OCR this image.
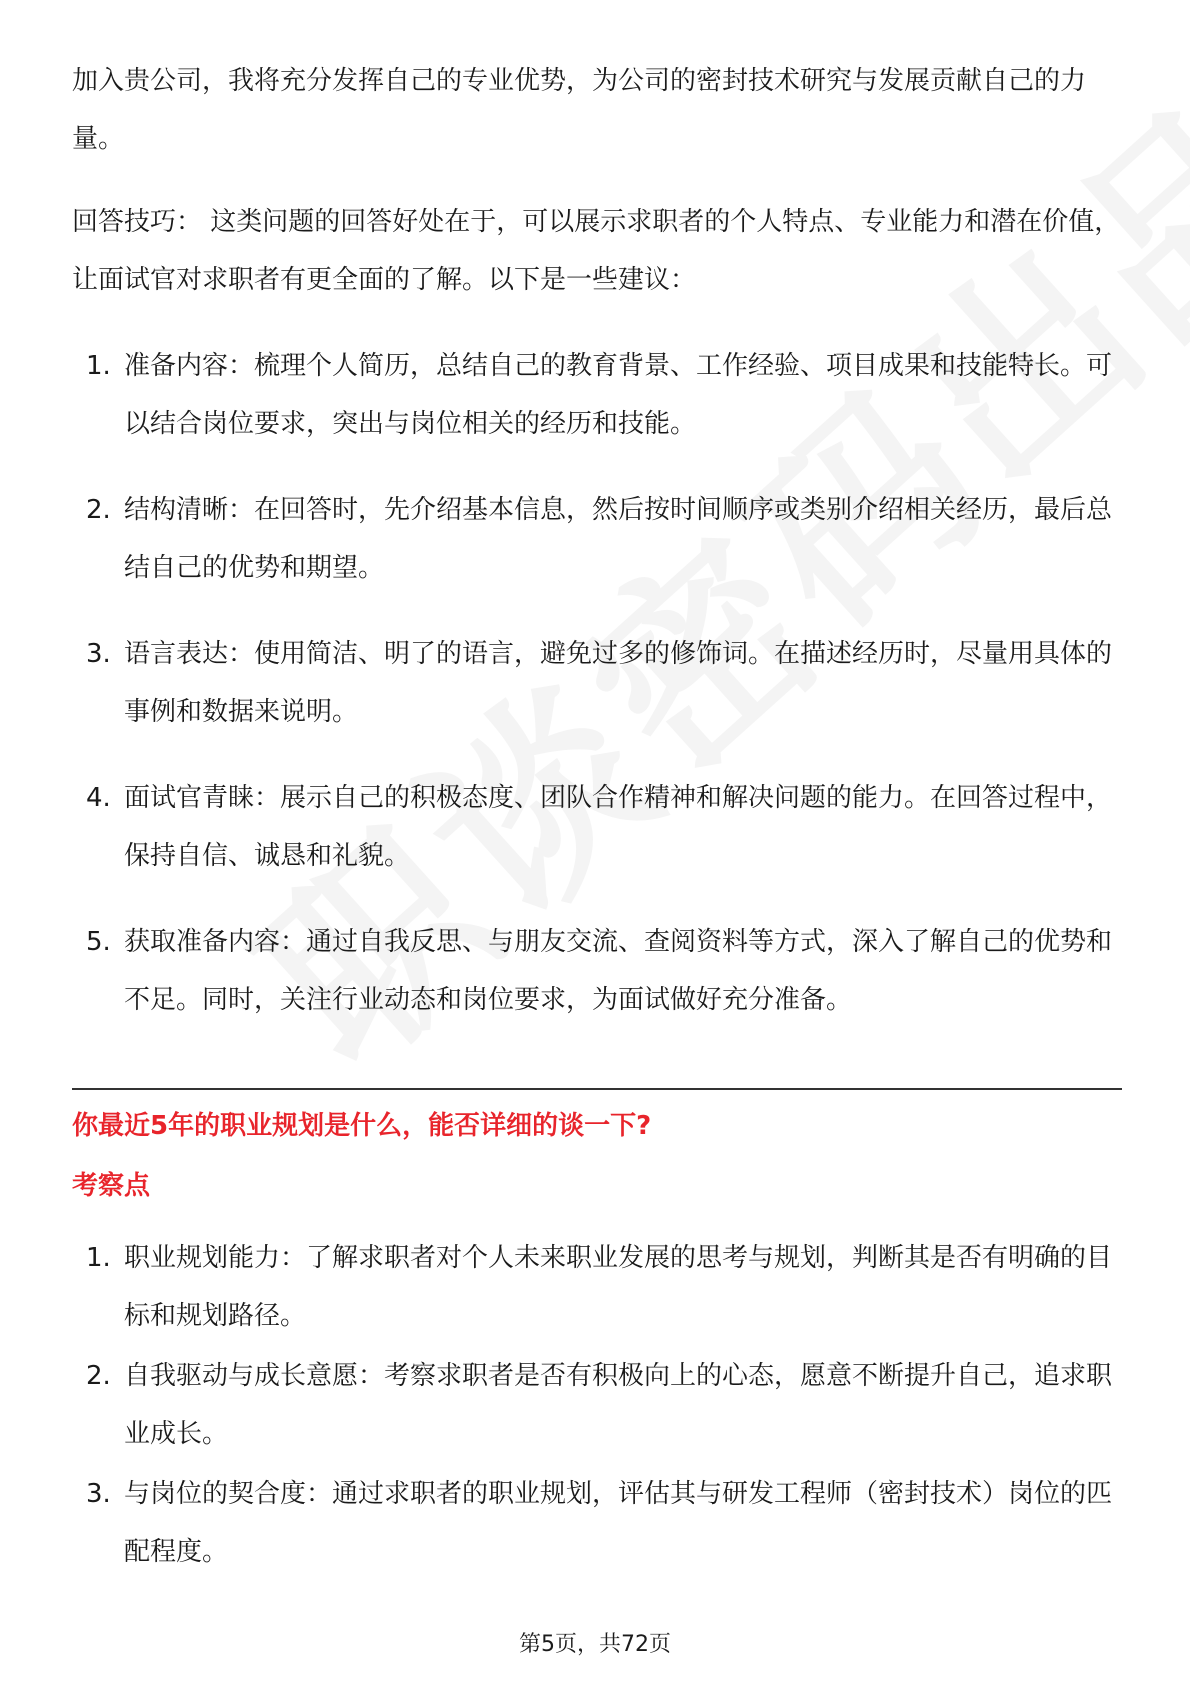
加入贵公司，我将充分发挥自己的专业优势，为公司的密封技术研究与发展贡献自己的力量。

回答技巧： 这类问题的回答好处在于，可以展示求职者的个人特点、专业能力和潜在价值，让面试官对求职者有更全面的了解。以下是一些建议：

1. 准备内容：梳理个人简历，总结自己的教育背景、工作经验、项目成果和技能特长。可以结合岗位要求，突出与岗位相关的经历和技能。
2. 结构清晰：在回答时，先介绍基本信息，然后按时间顺序或类别介绍相关经历，最后总结自己的优势和期望。
3. 语言表达：使用简洁、明了的语言，避免过多的修饰词。在描述经历时，尽量用具体的事例和数据来说明。
4. 面试官青睐：展示自己的积极态度、团队合作精神和解决问题的能力。在回答过程中，保持自信、诚恳和礼貌。
5. 获取准备内容：通过自我反思、与朋友交流、查阅资料等方式，深入了解自己的优势和不足。同时，关注行业动态和岗位要求，为面试做好充分准备。
你最近5年的职业规划是什么，能否详细的谈一下?
考察点
1. 职业规划能力：了解求职者对个人未来职业发展的思考与规划，判断其是否有明确的目标和规划路径。
2. 自我驱动与成长意愿：考察求职者是否有积极向上的心态，愿意不断提升自己，追求职业成长。
3. 与岗位的契合度：通过求职者的职业规划，评估其与研发工程师（密封技术）岗位的匹配程度。
第5页，共72页
